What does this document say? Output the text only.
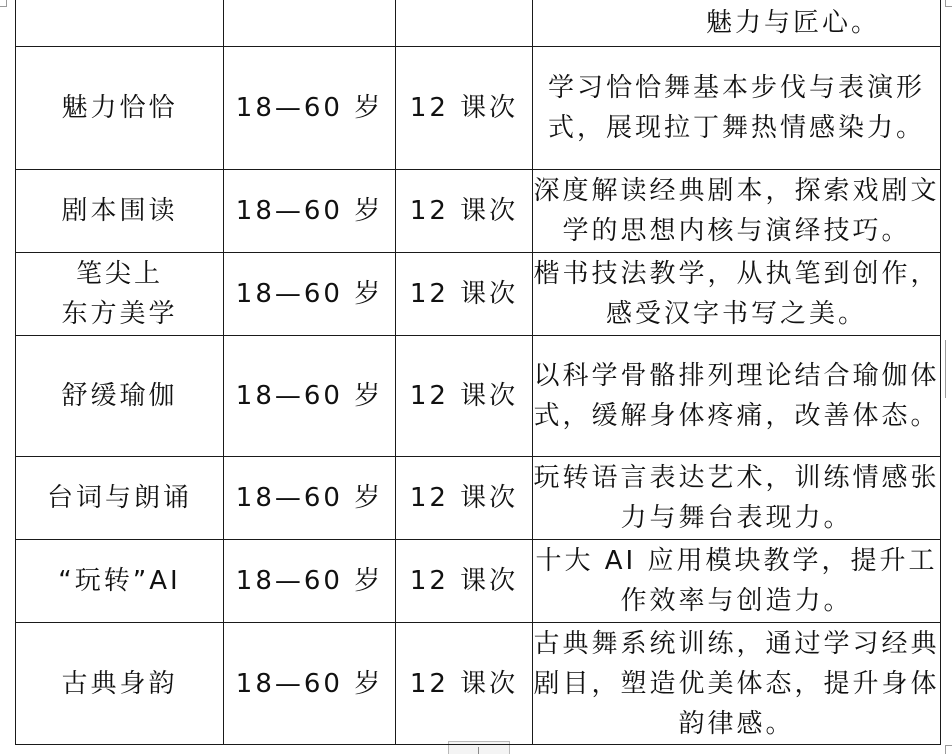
			魅力与匠心。

魅力恰恰	18—60 岁	12 课次	学习恰恰舞基本步伐与表演形式，展现拉丁舞热情感染力。

剧本围读	18—60 岁	12 课次	深度解读经典剧本，探索戏剧文学的思想内核与演绎技巧。

笔尖上
东方美学	18—60 岁	12 课次	楷书技法教学，从执笔到创作，感受汉字书写之美。

舒缓瑜伽	18—60 岁	12 课次	以科学骨骼排列理论结合瑜伽体式，缓解身体疼痛，改善体态。

台词与朗诵	18—60 岁	12 课次	玩转语言表达艺术，训练情感张力与舞台表现力。

“玩转”AI	18—60 岁	12 课次	十大 AI 应用模块教学，提升工作效率与创造力。

古典身韵	18—60 岁	12 课次	古典舞系统训练，通过学习经典剧目，塑造优美体态，提升身体韵律感。
